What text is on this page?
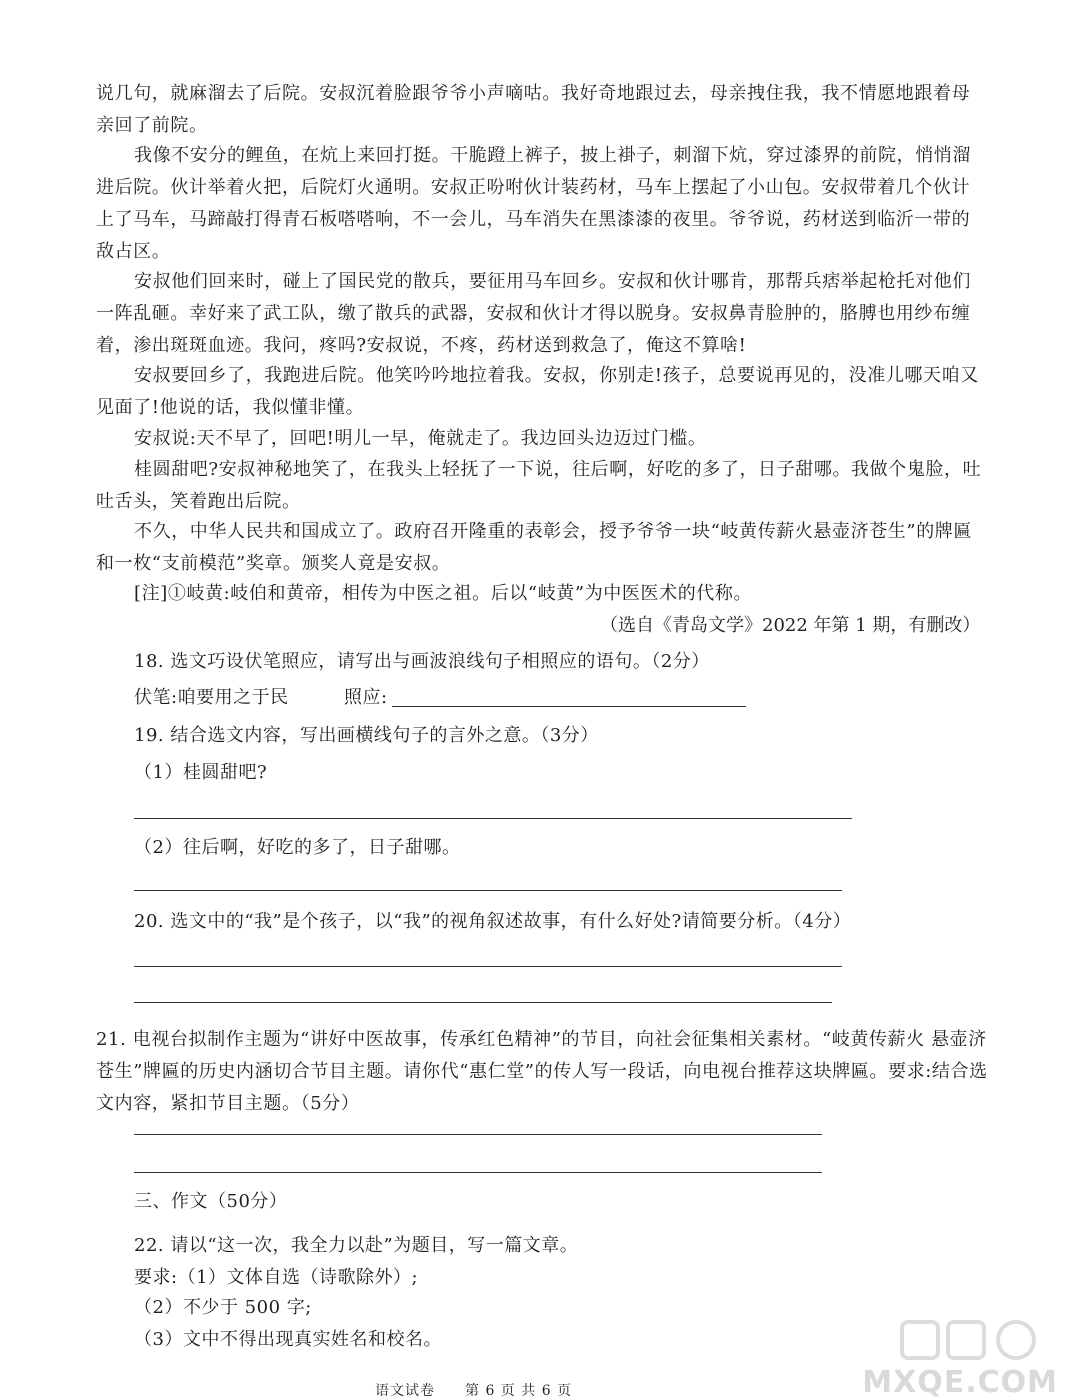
说几句，就麻溜去了后院。安叔沉着脸跟爷爷小声嘀咕。我好奇地跟过去，母亲拽住我，我不情愿地跟着母亲回了前院。

我像不安分的鲤鱼，在炕上来回打挺。干脆蹬上裤子，披上褂子，刺溜下炕，穿过漆界的前院，悄悄溜进后院。伙计举着火把，后院灯火通明。安叔正吩咐伙计装药材，马车上摆起了小山包。安叔带着几个伙计上了马车，马蹄敲打得青石板嗒嗒响，不一会儿，马车消失在黑漆漆的夜里。爷爷说，药材送到临沂一带的敌占区。

安叔他们回来时，碰上了国民党的散兵，要征用马车回乡。安叔和伙计哪肯，那帮兵痞举起枪托对他们一阵乱砸。幸好来了武工队，缴了散兵的武器，安叔和伙计才得以脱身。安叔鼻青脸肿的，胳膊也用纱布缠着，渗出斑斑血迹。我问，疼吗?安叔说，不疼，药材送到救急了，俺这不算啥!

安叔要回乡了，我跑进后院。他笑吟吟地拉着我。安叔，你别走!孩子，总要说再见的，没准儿哪天咱又见面了!他说的话，我似懂非懂。

安叔说:天不早了，回吧!明儿一早，俺就走了。我边回头边迈过门槛。

桂圆甜吧?安叔神秘地笑了，在我头上轻抚了一下说，往后啊，好吃的多了，日子甜哪。我做个鬼脸，吐吐舌头，笑着跑出后院。

不久，中华人民共和国成立了。政府召开隆重的表彰会，授予爷爷一块“岐黄传薪火悬壶济苍生”的牌匾和一枚“支前模范”奖章。颁奖人竟是安叔。

[注]①岐黄:岐伯和黄帝，相传为中医之祖。后以“岐黄”为中医医术的代称。

（选自《青岛文学》2022 年第 1 期，有删改）

18. 选文巧设伏笔照应，请写出与画波浪线句子相照应的语句。（2分）

伏笔:咱要用之于民	照应:

19. 结合选文内容，写出画横线句子的言外之意。（3分）

（1）桂圆甜吧?

（2）往后啊，好吃的多了，日子甜哪。

20. 选文中的“我”是个孩子，以“我”的视角叙述故事，有什么好处?请简要分析。（4分）

21. 电视台拟制作主题为“讲好中医故事，传承红色精神”的节目，向社会征集相关素材。“岐黄传薪火 悬壶济苍生”牌匾的历史内涵切合节目主题。请你代“惠仁堂”的传人写一段话，向电视台推荐这块牌匾。要求:结合选文内容，紧扣节目主题。（5分）

三、作文（50分）

22. 请以“这一次，我全力以赴”为题目，写一篇文章。

要求:（1）文体自选（诗歌除外）;

（2）不少于 500 字;

（3）文中不得出现真实姓名和校名。

语文试卷　　第 6 页 共 6 页	MXQE.COM
